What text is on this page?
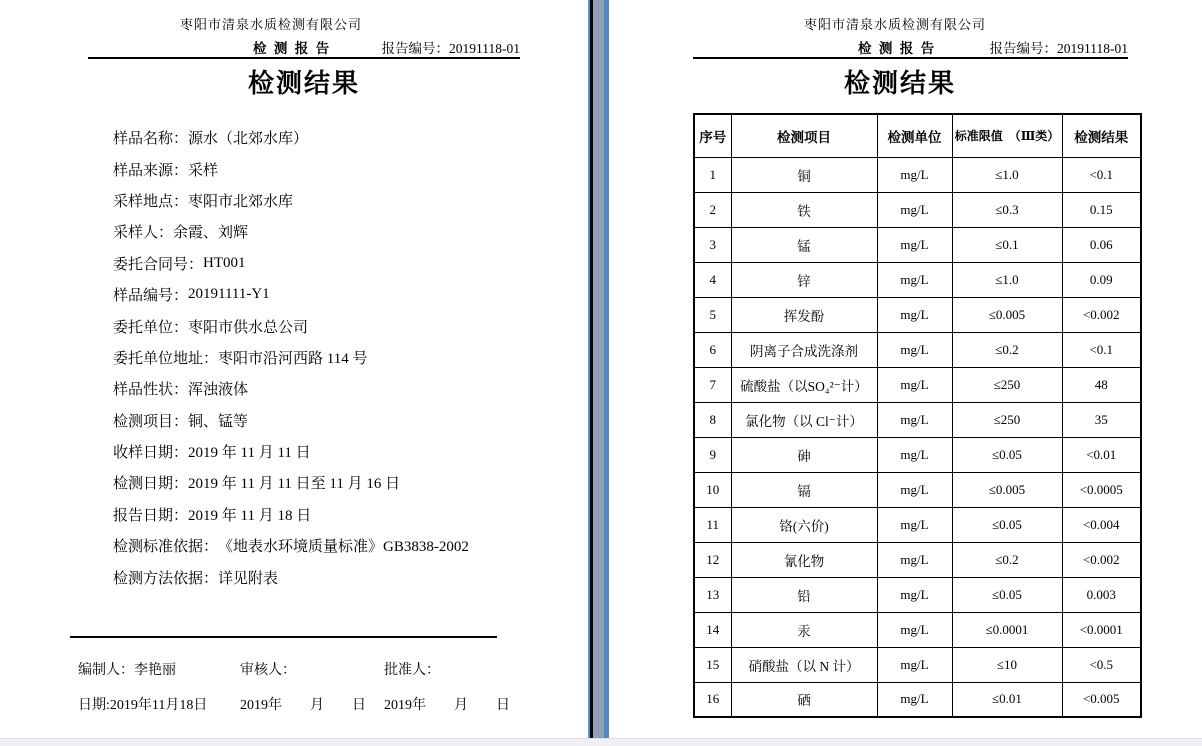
枣阳市清泉水质检测有限公司
检 测 报 告	报告编号：20191118-01
检测结果
样品名称： 源水（北郊水库）
样品来源： 采样
采样地点： 枣阳市北郊水库
采样人： 余霞、刘辉
委托合同号： HT001
样品编号： 20191111-Y1
委托单位： 枣阳市供水总公司
委托单位地址： 枣阳市沿河西路 114 号
样品性状： 浑浊液体
检测项目： 铜、锰等
收样日期： 2019 年 11 月 11 日
检测日期： 2019 年 11 月 11 日至 11 月 16 日
报告日期： 2019 年 11 月 18 日
检测标准依据： 《地表水环境质量标准》GB3838-2002
检测方法依据： 详见附表
编制人：李艳丽	审核人：	批准人：
日期:2019年11月18日 2019年　　月　　日 2019年　　月　　日
枣阳市清泉水质检测有限公司
检 测 报 告	报告编号：20191118-01
检测结果
序号	检测项目	检测单位	标准限值　（Ⅲ类）	检测结果
1	铜	mg/L	≤1.0	<0.1
2	铁	mg/L	≤0.3	0.15
3	锰	mg/L	≤0.1	0.06
4	锌	mg/L	≤1.0	0.09
5	挥发酚	mg/L	≤0.005	<0.002
6	阴离子合成洗涤剂	mg/L	≤0.2	<0.1
7	硫酸盐（以SO₄²⁻计）	mg/L	≤250	48
8	氯化物（以 Cl⁻计）	mg/L	≤250	35
9	砷	mg/L	≤0.05	<0.01
10	镉	mg/L	≤0.005	<0.0005
11	铬(六价)	mg/L	≤0.05	<0.004
12	氰化物	mg/L	≤0.2	<0.002
13	铅	mg/L	≤0.05	0.003
14	汞	mg/L	≤0.0001	<0.0001
15	硝酸盐（以 N 计）	mg/L	≤10	<0.5
16	硒	mg/L	≤0.01	<0.005
